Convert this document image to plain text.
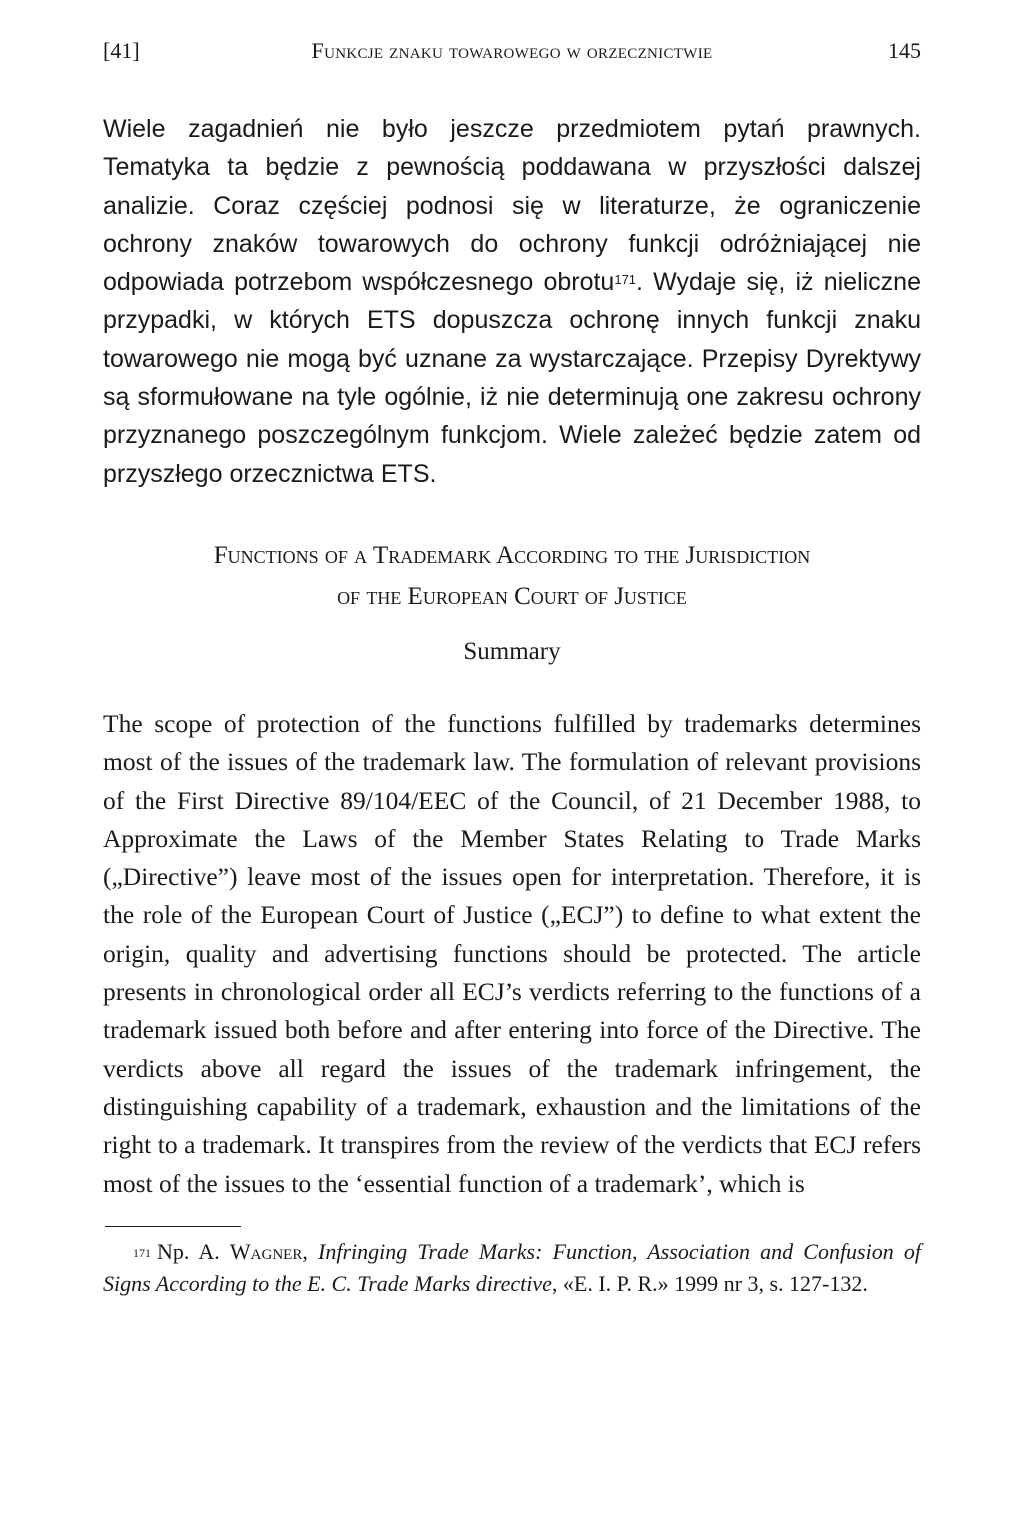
[41]	Funkcje znaku towarowego w orzecznictwie	145

Wiele zagadnień nie było jeszcze przedmiotem pytań prawnych. Tematyka ta będzie z pewnością poddawana w przyszłości dalszej analizie. Coraz częściej podnosi się w literaturze, że ograniczenie ochrony znaków towarowych do ochrony funkcji odróżniającej nie odpowiada potrzebom współczesnego obrotu$^{171}$. Wydaje się, iż nieliczne przypadki, w których ETS dopuszcza ochronę innych funkcji znaku towarowego nie mogą być uznane za wystarczające. Przepisy Dyrektywy są sformułowane na tyle ogólnie, iż nie determinują one zakresu ochrony przyznanego poszczególnym funkcjom. Wiele zależeć będzie zatem od przyszłego orzecznictwa ETS.

Functions of a Trademark According to the Jurisdiction
of the European Court of Justice
Summary

The scope of protection of the functions fulfilled by trademarks determines most of the issues of the trademark law. The formulation of relevant provisions of the First Directive 89/104/EEC of the Council, of 21 December 1988, to Approximate the Laws of the Member States Relating to Trade Marks („Directive”) leave most of the issues open for interpretation. Therefore, it is the role of the European Court of Justice („ECJ”) to define to what extent the origin, quality and advertising functions should be protected. The article presents in chronological order all ECJ’s verdicts referring to the functions of a trademark issued both before and after entering into force of the Directive. The verdicts above all regard the issues of the trademark infringement, the distinguishing capability of a trademark, exhaustion and the limitations of the right to a trademark. It transpires from the review of the verdicts that ECJ refers most of the issues to the ‘essential function of a trademark’, which is

$^{171}$ Np. A. Wagner, Infringing Trade Marks: Function, Association and Confusion of Signs According to the E. C. Trade Marks directive, «E. I. P. R.» 1999 nr 3, s. 127-132.
